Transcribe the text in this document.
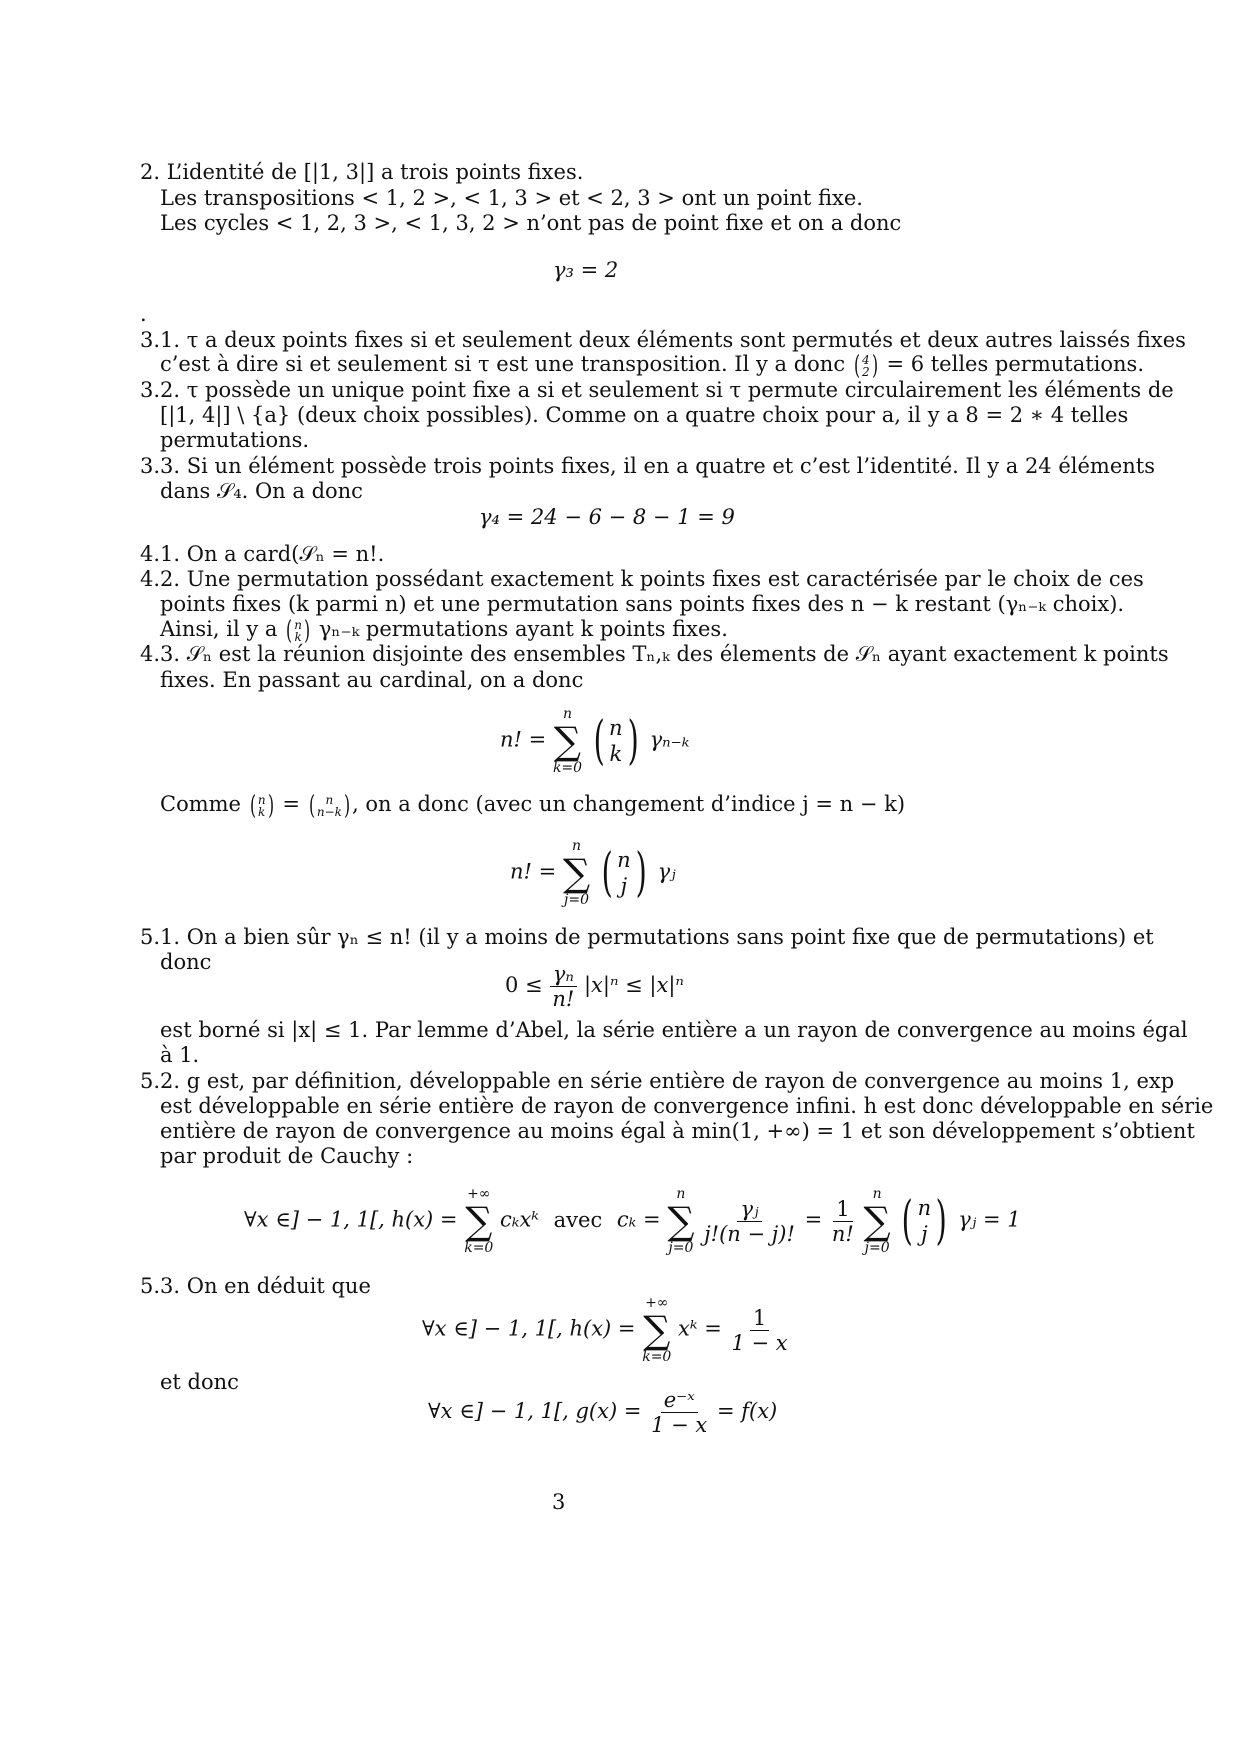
2. L’identité de [|1, 3|] a trois points fixes.
Les transpositions < 1, 2 >, < 1, 3 > et < 2, 3 > ont un point fixe.
Les cycles < 1, 2, 3 >, < 1, 3, 2 > n’ont pas de point fixe et on a donc
γ₃ = 2
.
3.1. τ a deux points fixes si et seulement deux éléments sont permutés et deux autres laissés fixes
c’est à dire si et seulement si τ est une transposition. Il y a donc ( 4
2 ) = 6 telles permutations.
3.2. τ possède un unique point fixe a si et seulement si τ permute circulairement les éléments de
[|1, 4|] \ {a} (deux choix possibles). Comme on a quatre choix pour a, il y a 8 = 2 ∗ 4 telles
permutations.
3.3. Si un élément possède trois points fixes, il en a quatre et c’est l’identité. Il y a 24 éléments
dans 𝒮₄. On a donc
γ₄ = 24 − 6 − 8 − 1 = 9
4.1. On a card(𝒮ₙ = n!.
4.2. Une permutation possédant exactement k points fixes est caractérisée par le choix de ces
points fixes (k parmi n) et une permutation sans points fixes des n − k restant (γₙ₋ₖ choix).
Ainsi, il y a ( n
k ) γₙ₋ₖ permutations ayant k points fixes.
4.3. 𝒮ₙ est la réunion disjointe des ensembles Tₙ,ₖ des élements de 𝒮ₙ ayant exactement k points
fixes. En passant au cardinal, on a donc
n! =
n
∑
k=0
( n
k ) γₙ₋ₖ
Comme ( n
k ) = ( n
n−k ) , on a donc (avec un changement d’indice j = n − k)
n! =
n
∑
j=0
( n
j ) γⱼ
5.1. On a bien sûr γₙ ≤ n! (il y a moins de permutations sans point fixe que de permutations) et
donc
$0 \le \frac{\text{γₙ}}{n!} |x|^n \le |x|^n$
est borné si |x| ≤ 1. Par lemme d’Abel, la série entière a un rayon de convergence au moins égal
à 1.
5.2. g est, par définition, développable en série entière de rayon de convergence au moins 1, exp
est développable en série entière de rayon de convergence infini. h est donc développable en série
entière de rayon de convergence au moins égal à min(1, +∞) = 1 et son développement s’obtient
par produit de Cauchy :
∀x ∈] − 1, 1[, h(x) =
+∞
∑
k=0
cₖxᵏ avec cₖ =
n
∑
j=0

$\frac{\text{γⱼ}}{j!(n - j)!} = \frac{1}{n!}$

n
∑
j=0
( n
j ) γⱼ = 1
5.3. On en déduit que
∀x ∈] − 1, 1[, h(x) =
+∞
∑
k=0
xᵏ = $\frac{1}{1 - x}$
et donc
∀x ∈] − 1, 1[, $g(x) = \frac{\text{e⁻ˣ}}{1 - x} = f(x)$
3
